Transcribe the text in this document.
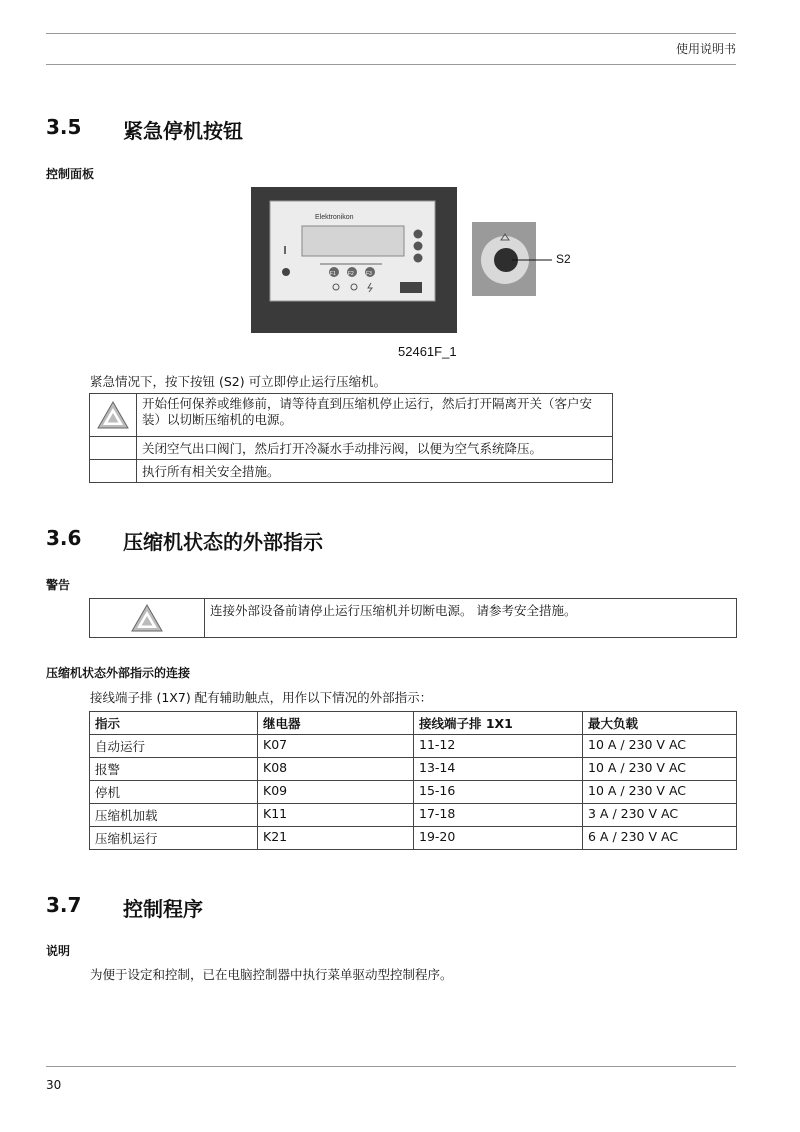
使用说明书
3.5 紧急停机按钮
控制面板
Elektronikon
F1 F2 F3
S2
52461F_1
紧急情况下，按下按钮 (S2) 可立即停止运行压缩机。
	开始任何保养或维修前，请等待直到压缩机停止运行，然后打开隔离开关（客户安装）以切断压缩机的电源。
	关闭空气出口阀门，然后打开冷凝水手动排污阀，以便为空气系统降压。
	执行所有相关安全措施。
3.6 压缩机状态的外部指示
警告
	连接外部设备前请停止运行压缩机并切断电源。 请参考安全措施。
压缩机状态外部指示的连接
接线端子排 (1X7) 配有辅助触点，用作以下情况的外部指示：
指示	继电器	接线端子排 1X1	最大负载
自动运行	K07	11-12	10 A / 230 V AC
报警	K08	13-14	10 A / 230 V AC
停机	K09	15-16	10 A / 230 V AC
压缩机加载	K11	17-18	3 A / 230 V AC
压缩机运行	K21	19-20	6 A / 230 V AC
3.7 控制程序
说明
为便于设定和控制，已在电脑控制器中执行菜单驱动型控制程序。
30
